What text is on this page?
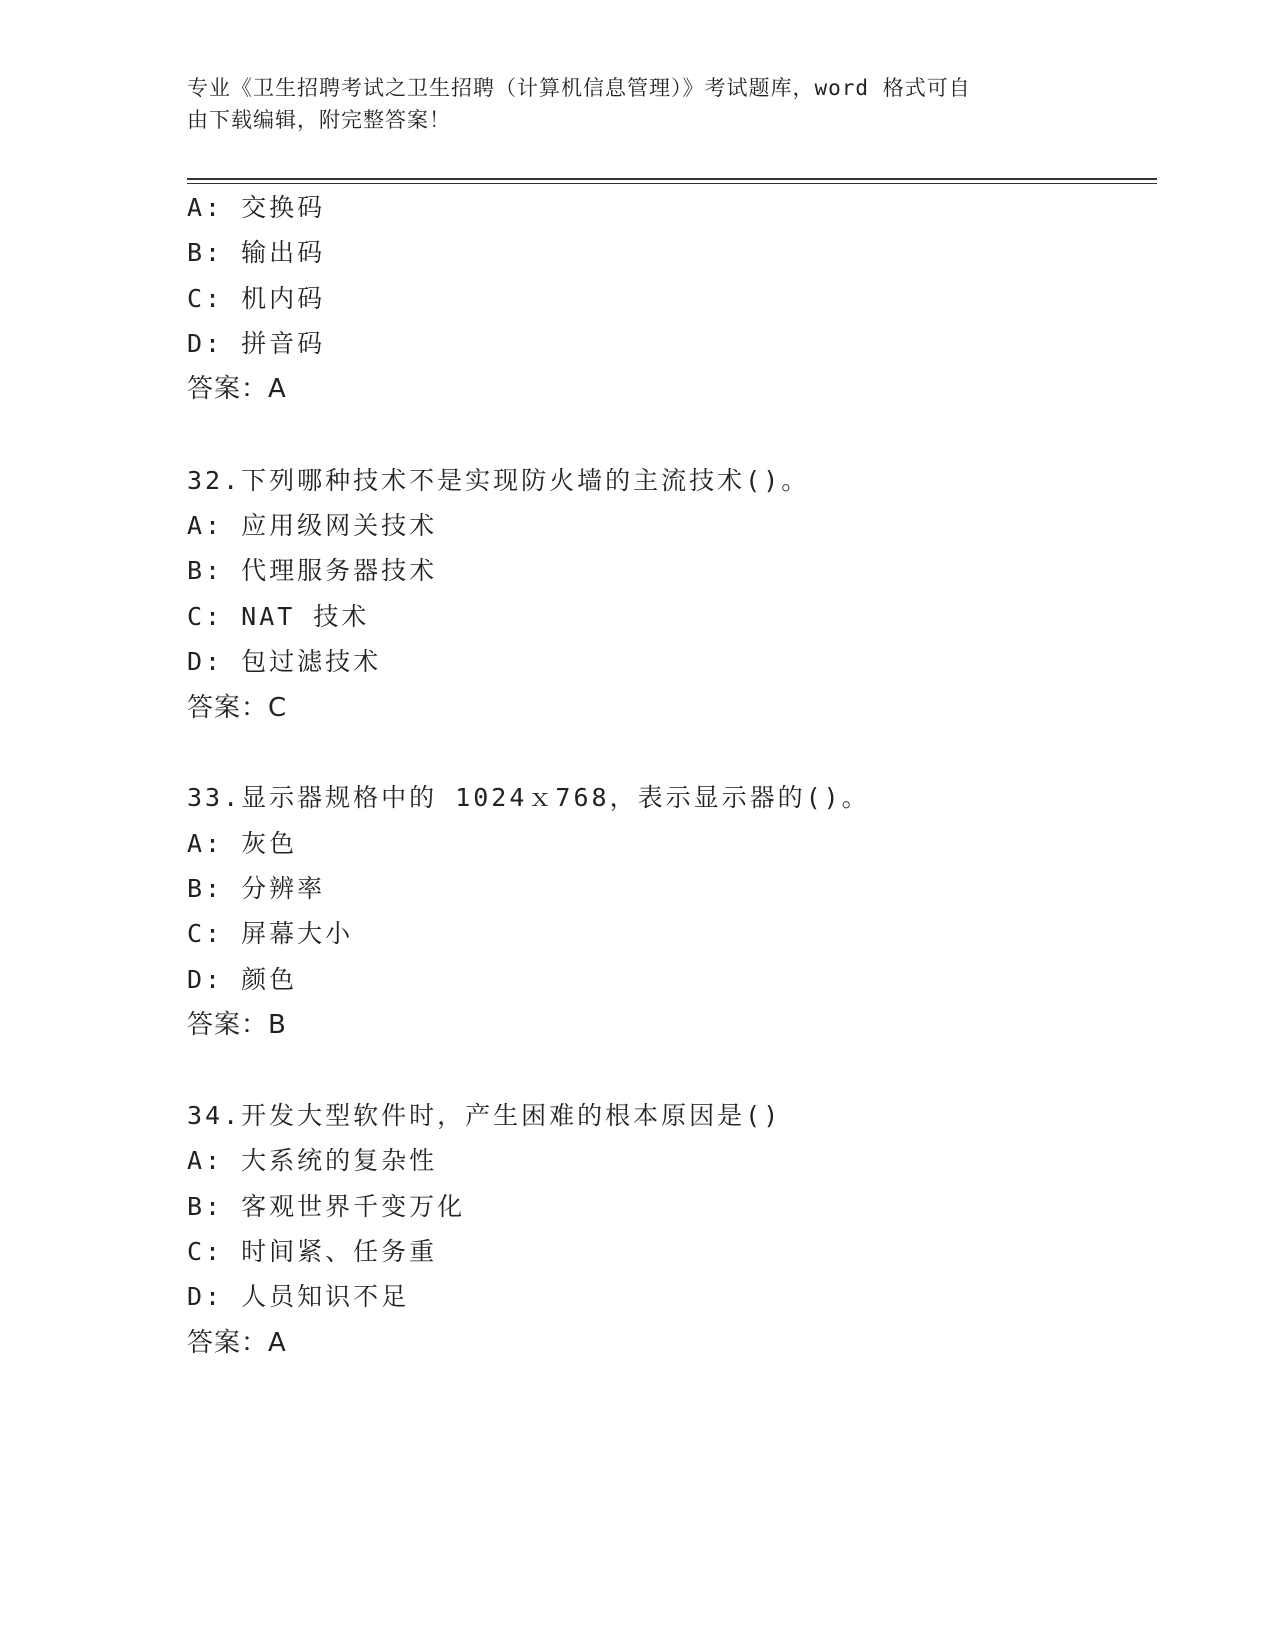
专业《卫生招聘考试之卫生招聘（计算机信息管理）》考试题库，word 格式可自
由下载编辑，附完整答案！
A: 交换码
B: 输出码
C: 机内码
D: 拼音码
答案：A
32.下列哪种技术不是实现防火墙的主流技术()。
A: 应用级网关技术
B: 代理服务器技术
C: NAT 技术
D: 包过滤技术
答案：C
33.显示器规格中的 1024ｘ768，表示显示器的()。
A: 灰色
B: 分辨率
C: 屏幕大小
D: 颜色
答案：B
34.开发大型软件时，产生困难的根本原因是()
A: 大系统的复杂性
B: 客观世界千变万化
C: 时间紧、任务重
D: 人员知识不足
答案：A
